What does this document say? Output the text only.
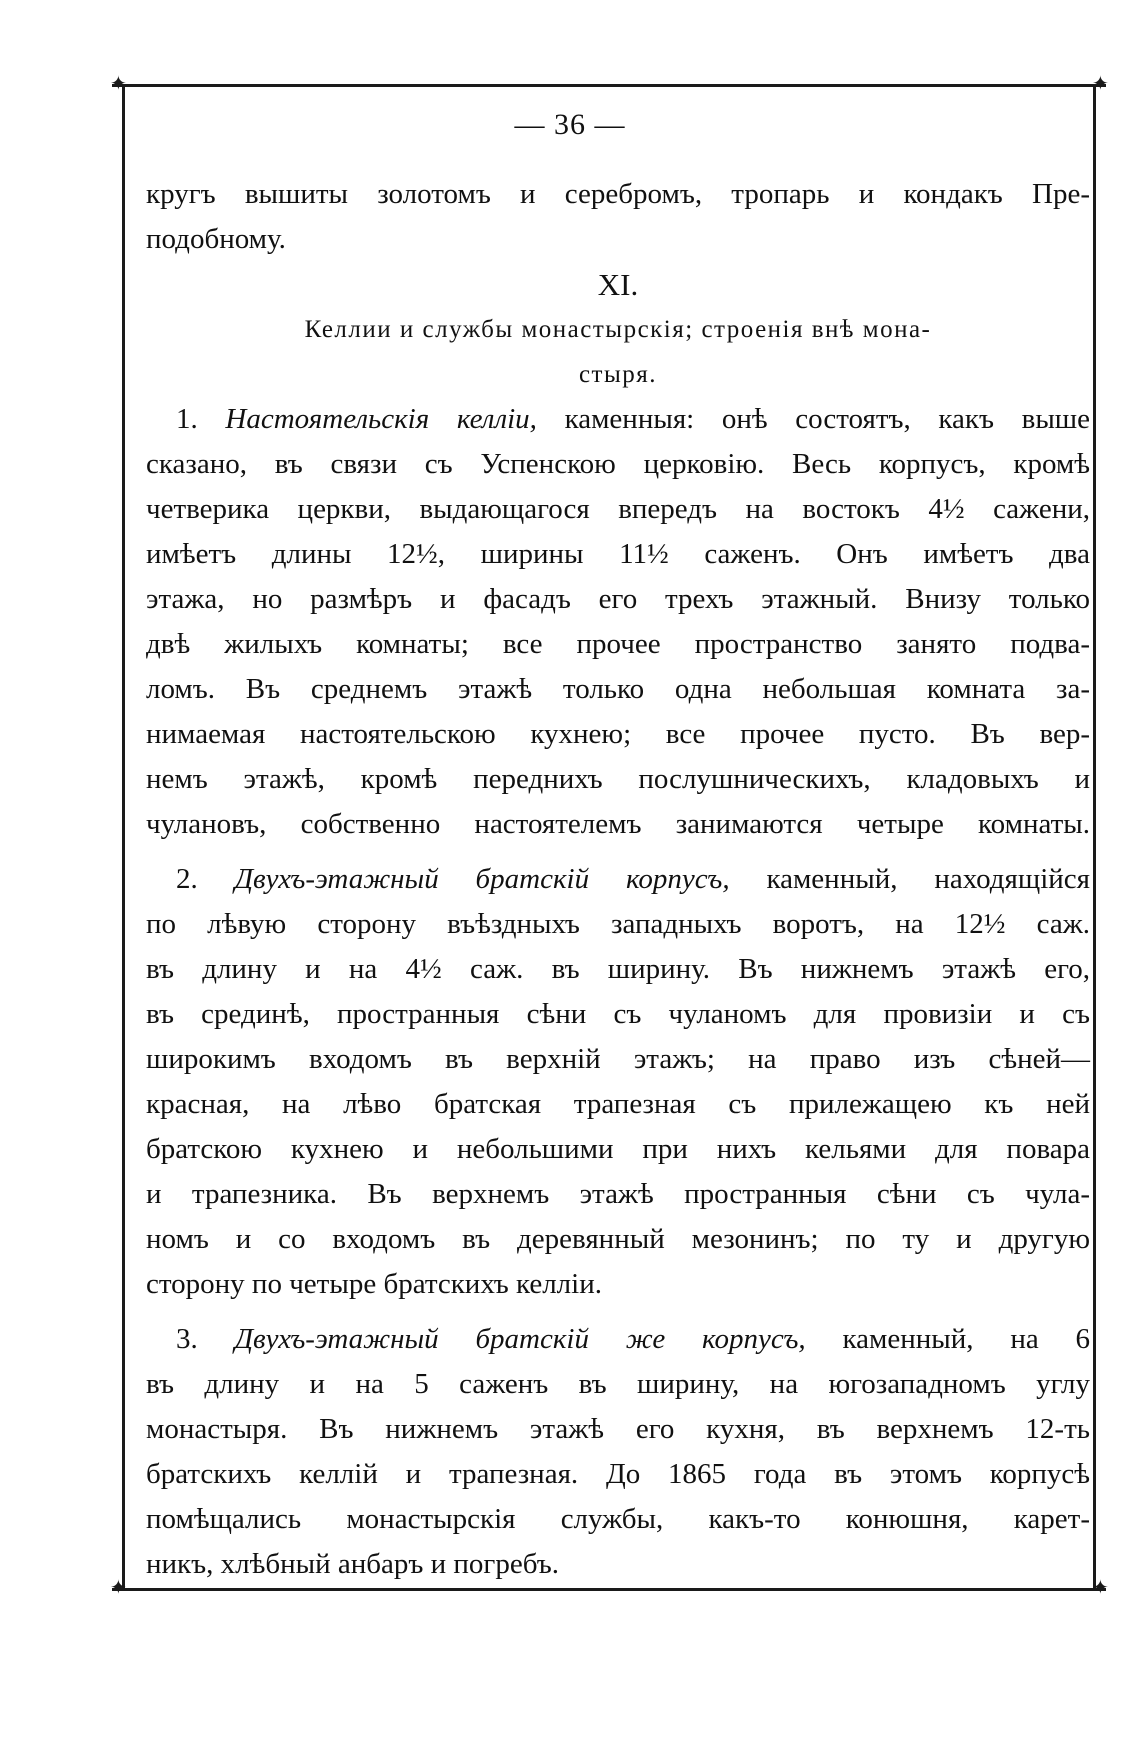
✦	✦
✦	✦
— 36 —
кругъ вышиты золотомъ и серебромъ, тропарь и кондакъ Пре-
подобному.
XI.
Келлии и службы монастырскія; строенія внѣ мона-
стыря.
1. Настоятельскія келліи, каменныя: онѣ состоятъ, какъ выше
сказано, въ связи съ Успенскою церковію. Весь корпусъ, кромѣ
четверика церкви, выдающагося впередъ на востокъ 4½ сажени,
имѣетъ длины 12½, ширины 11½ саженъ. Онъ имѣетъ два
этажа, но размѣръ и фасадъ его трехъ этажный. Внизу только
двѣ жилыхъ комнаты; все прочее пространство занято подва-
ломъ. Въ среднемъ этажѣ только одна небольшая комната за-
нимаемая настоятельскою кухнею; все прочее пусто. Въ вер-
немъ этажѣ, кромѣ переднихъ послушническихъ, кладовыхъ и
чулановъ, собственно настоятелемъ занимаются четыре комнаты.
2. Двухъ-этажный братскій корпусъ, каменный, находящійся
по лѣвую сторону въѣздныхъ западныхъ воротъ, на 12½ саж.
въ длину и на 4½ саж. въ ширину. Въ нижнемъ этажѣ его,
въ срединѣ, пространныя сѣни съ чуланомъ для провизіи и съ
широкимъ входомъ въ верхній этажъ; на право изъ сѣней—
красная, на лѣво братская трапезная съ прилежащею къ ней
братскою кухнею и небольшими при нихъ кельями для повара
и трапезника. Въ верхнемъ этажѣ пространныя сѣни съ чула-
номъ и со входомъ въ деревянный мезонинъ; по ту и другую
сторону по четыре братскихъ келліи.
3. Двухъ-этажный братскій же корпусъ, каменный, на 6
въ длину и на 5 саженъ въ ширину, на югозападномъ углу
монастыря. Въ нижнемъ этажѣ его кухня, въ верхнемъ 12-ть
братскихъ келлій и трапезная. До 1865 года въ этомъ корпусѣ
помѣщались монастырскія службы, какъ-то конюшня, карет-
никъ, хлѣбный анбаръ и погребъ.
